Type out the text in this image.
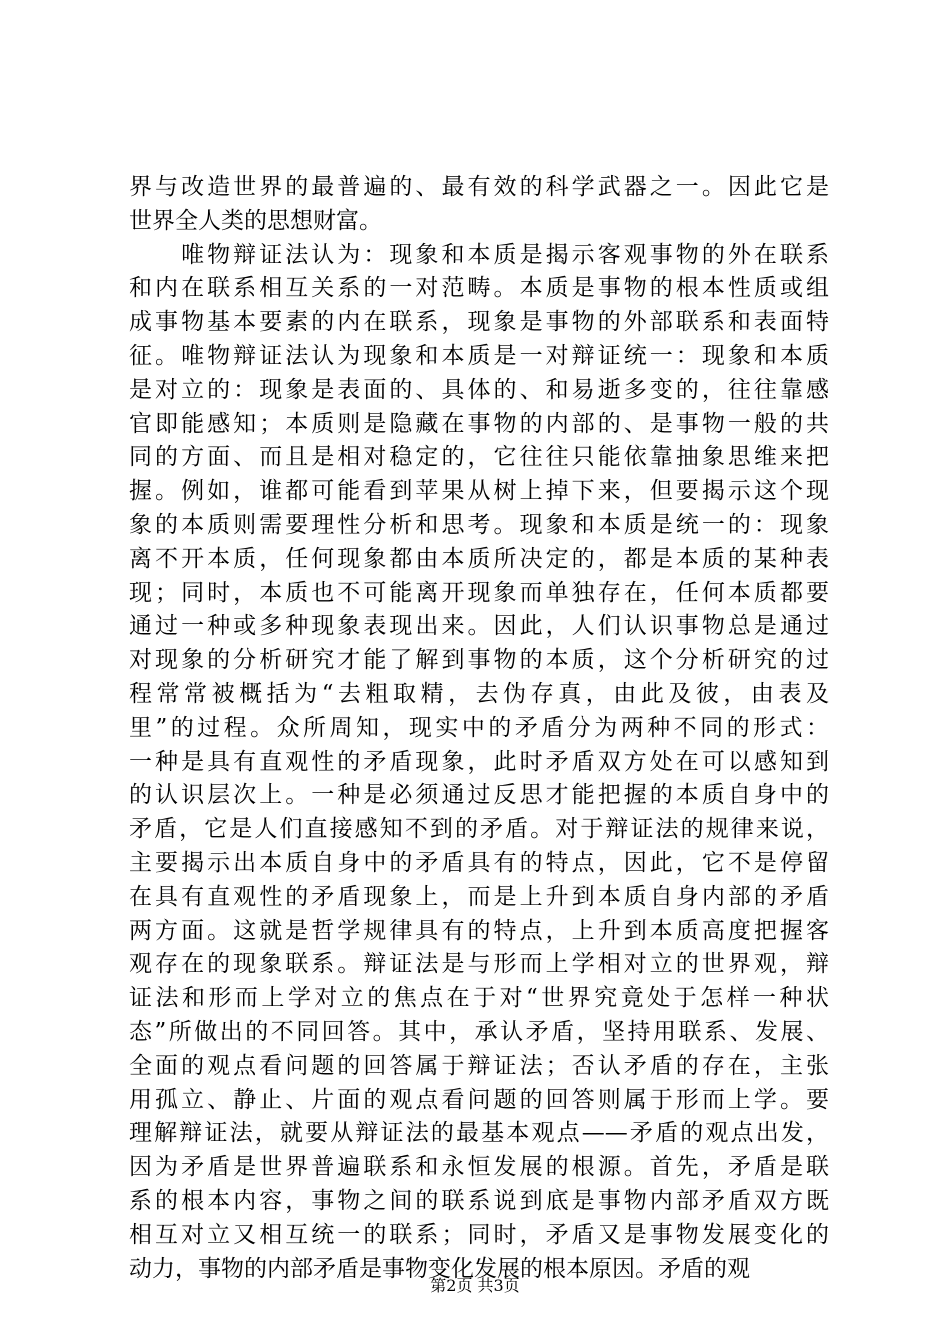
界与改造世界的最普遍的、最有效的科学武器之一。因此它是
世界全人类的思想财富。
　　唯物辩证法认为：现象和本质是揭示客观事物的外在联系
和内在联系相互关系的一对范畴。本质是事物的根本性质或组
成事物基本要素的内在联系，现象是事物的外部联系和表面特
征。唯物辩证法认为现象和本质是一对辩证统一：现象和本质
是对立的：现象是表面的、具体的、和易逝多变的，往往靠感
官即能感知；本质则是隐藏在事物的内部的、是事物一般的共
同的方面、而且是相对稳定的，它往往只能依靠抽象思维来把
握。例如，谁都可能看到苹果从树上掉下来，但要揭示这个现
象的本质则需要理性分析和思考。现象和本质是统一的：现象
离不开本质，任何现象都由本质所决定的，都是本质的某种表
现；同时，本质也不可能离开现象而单独存在，任何本质都要
通过一种或多种现象表现出来。因此，人们认识事物总是通过
对现象的分析研究才能了解到事物的本质，这个分析研究的过
程常常被概括为“去粗取精，去伪存真，由此及彼，由表及
里”的过程。众所周知，现实中的矛盾分为两种不同的形式：
一种是具有直观性的矛盾现象，此时矛盾双方处在可以感知到
的认识层次上。一种是必须通过反思才能把握的本质自身中的
矛盾，它是人们直接感知不到的矛盾。对于辩证法的规律来说，
主要揭示出本质自身中的矛盾具有的特点，因此，它不是停留
在具有直观性的矛盾现象上，而是上升到本质自身内部的矛盾
两方面。这就是哲学规律具有的特点，上升到本质高度把握客
观存在的现象联系。辩证法是与形而上学相对立的世界观，辩
证法和形而上学对立的焦点在于对“世界究竟处于怎样一种状
态”所做出的不同回答。其中，承认矛盾，坚持用联系、发展、
全面的观点看问题的回答属于辩证法；否认矛盾的存在，主张
用孤立、静止、片面的观点看问题的回答则属于形而上学。要
理解辩证法，就要从辩证法的最基本观点——矛盾的观点出发，
因为矛盾是世界普遍联系和永恒发展的根源。首先，矛盾是联
系的根本内容，事物之间的联系说到底是事物内部矛盾双方既
相互对立又相互统一的联系；同时，矛盾又是事物发展变化的
动力，事物的内部矛盾是事物变化发展的根本原因。矛盾的观
第2页 共3页
